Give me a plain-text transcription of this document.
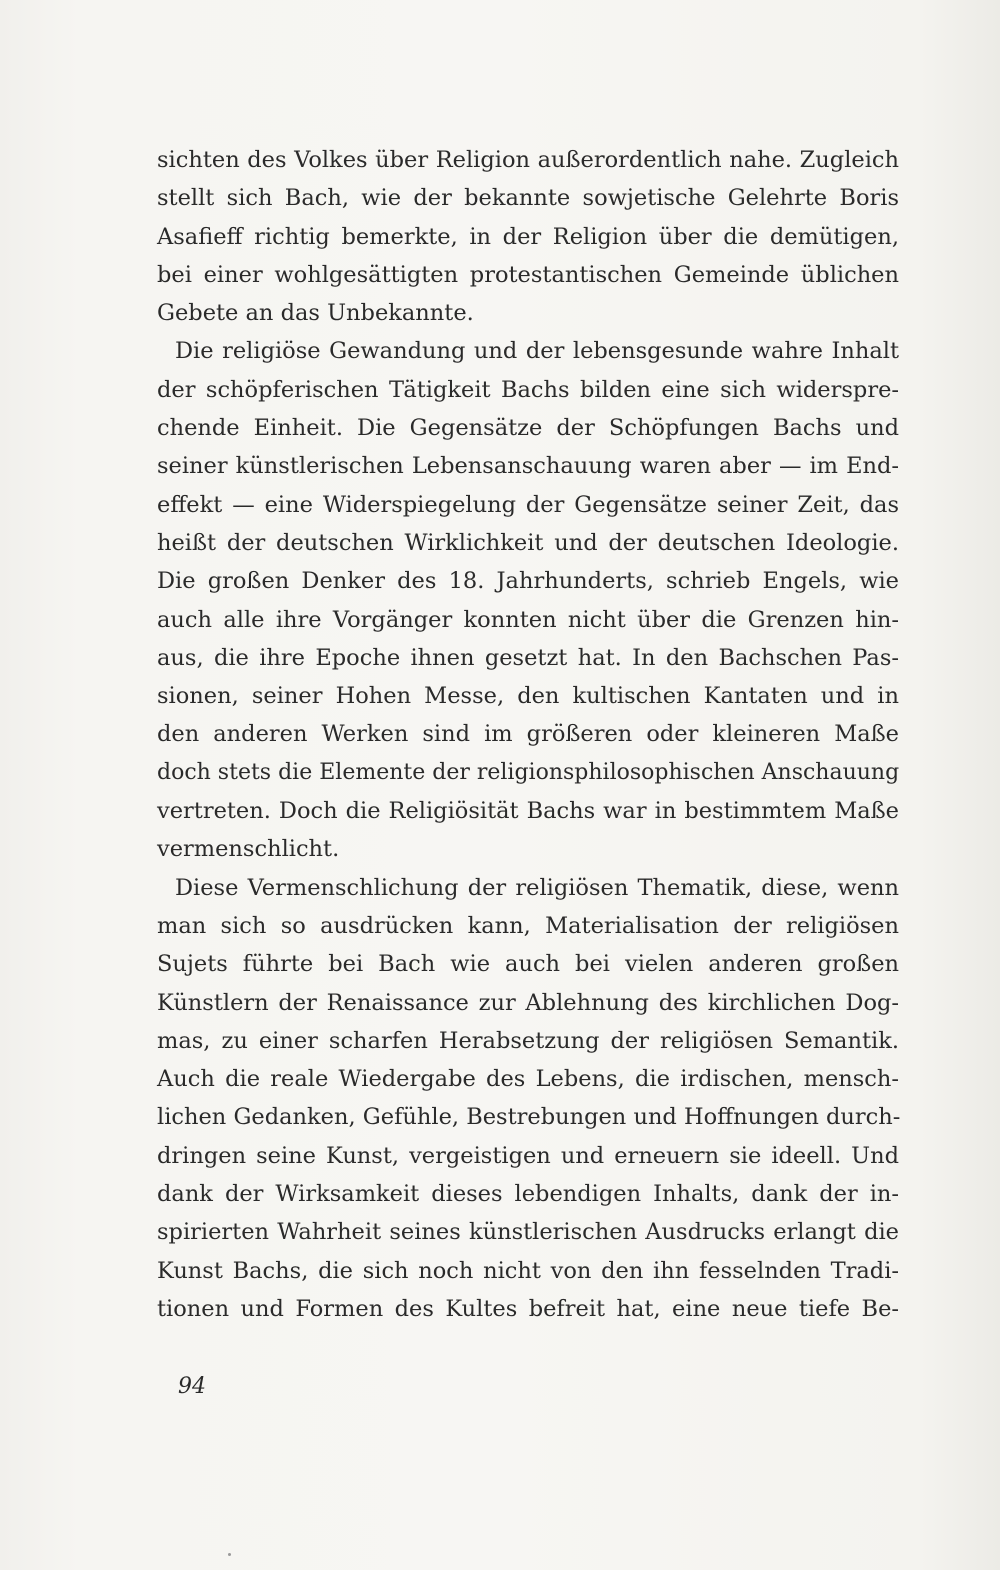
sichten des Volkes über Religion außerordentlich nahe. Zugleich
stellt sich Bach, wie der bekannte sowjetische Gelehrte Boris
Asafieff richtig bemerkte, in der Religion über die demütigen,
bei einer wohlgesättigten protestantischen Gemeinde üblichen
Gebete an das Unbekannte.

Die religiöse Gewandung und der lebensgesunde wahre Inhalt
der schöpferischen Tätigkeit Bachs bilden eine sich widerspre-
chende Einheit. Die Gegensätze der Schöpfungen Bachs und
seiner künstlerischen Lebensanschauung waren aber — im End-
effekt — eine Widerspiegelung der Gegensätze seiner Zeit, das
heißt der deutschen Wirklichkeit und der deutschen Ideologie.
Die großen Denker des 18. Jahrhunderts, schrieb Engels, wie
auch alle ihre Vorgänger konnten nicht über die Grenzen hin-
aus, die ihre Epoche ihnen gesetzt hat. In den Bachschen Pas-
sionen, seiner Hohen Messe, den kultischen Kantaten und in
den anderen Werken sind im größeren oder kleineren Maße
doch stets die Elemente der religionsphilosophischen Anschauung
vertreten. Doch die Religiösität Bachs war in bestimmtem Maße
vermenschlicht.

Diese Vermenschlichung der religiösen Thematik, diese, wenn
man sich so ausdrücken kann, Materialisation der religiösen
Sujets führte bei Bach wie auch bei vielen anderen großen
Künstlern der Renaissance zur Ablehnung des kirchlichen Dog-
mas, zu einer scharfen Herabsetzung der religiösen Semantik.
Auch die reale Wiedergabe des Lebens, die irdischen, mensch-
lichen Gedanken, Gefühle, Bestrebungen und Hoffnungen durch-
dringen seine Kunst, vergeistigen und erneuern sie ideell. Und
dank der Wirksamkeit dieses lebendigen Inhalts, dank der in-
spirierten Wahrheit seines künstlerischen Ausdrucks erlangt die
Kunst Bachs, die sich noch nicht von den ihn fesselnden Tradi-
tionen und Formen des Kultes befreit hat, eine neue tiefe Be-

94
